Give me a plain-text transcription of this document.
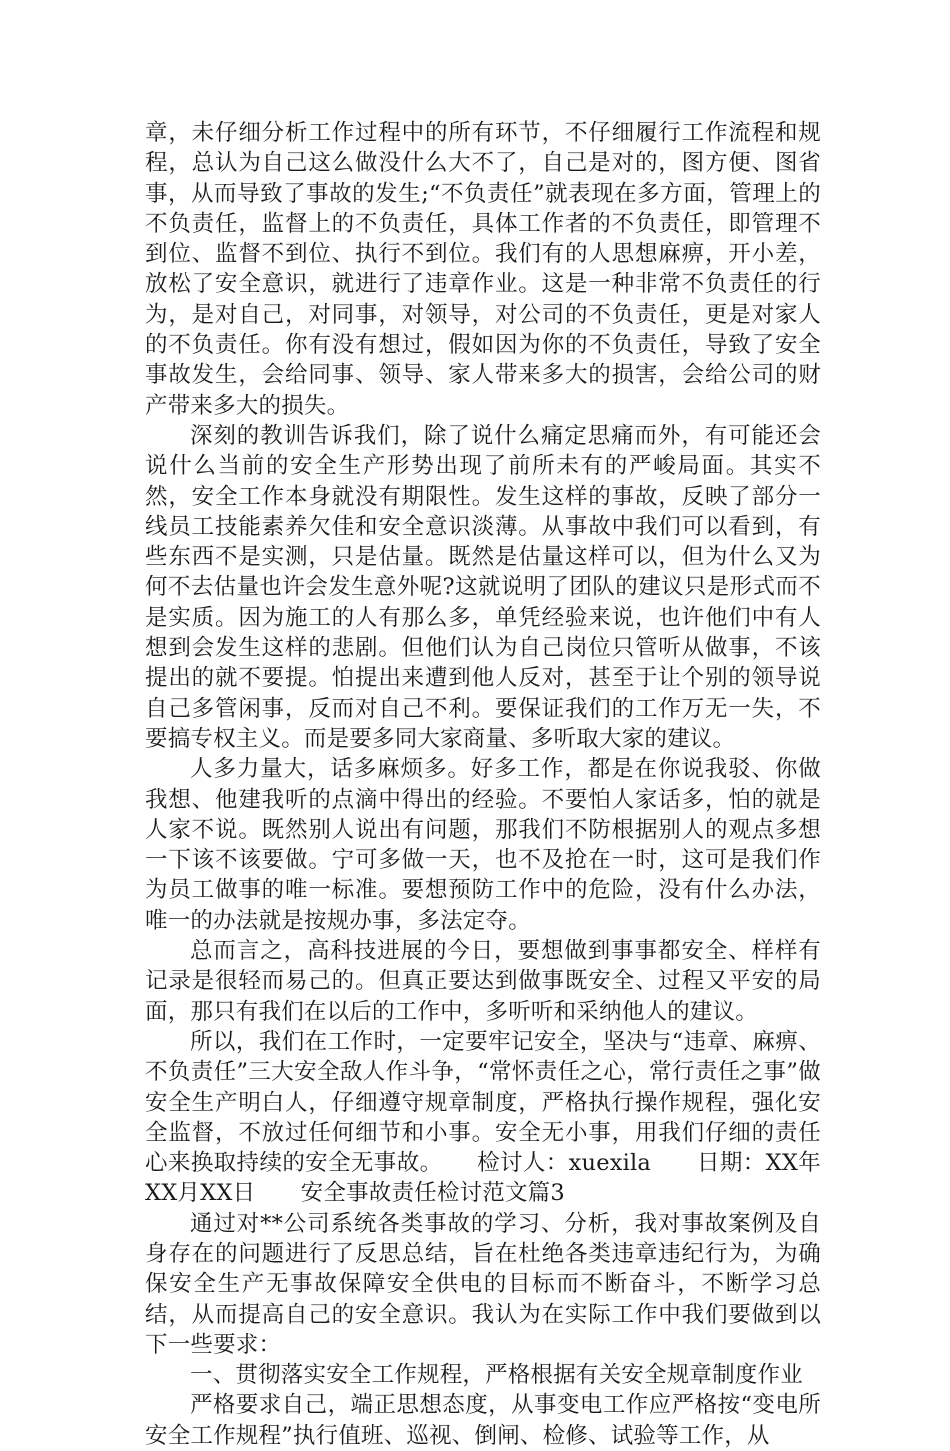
章，未仔细分析工作过程中的所有环节，不仔细履行工作流程和规程，总认为自己这么做没什么大不了，自己是对的，图方便、图省事，从而导致了事故的发生;“不负责任”就表现在多方面，管理上的不负责任，监督上的不负责任，具体工作者的不负责任，即管理不到位、监督不到位、执行不到位。我们有的人思想麻痹，开小差，放松了安全意识，就进行了违章作业。这是一种非常不负责任的行为，是对自己，对同事，对领导，对公司的不负责任，更是对家人的不负责任。你有没有想过，假如因为你的不负责任，导致了安全事故发生，会给同事、领导、家人带来多大的损害，会给公司的财产带来多大的损失。

深刻的教训告诉我们，除了说什么痛定思痛而外，有可能还会说什么当前的安全生产形势出现了前所未有的严峻局面。其实不然，安全工作本身就没有期限性。发生这样的事故，反映了部分一线员工技能素养欠佳和安全意识淡薄。从事故中我们可以看到，有些东西不是实测，只是估量。既然是估量这样可以，但为什么又为何不去估量也许会发生意外呢?这就说明了团队的建议只是形式而不是实质。因为施工的人有那么多，单凭经验来说，也许他们中有人想到会发生这样的悲剧。但他们认为自己岗位只管听从做事，不该提出的就不要提。怕提出来遭到他人反对，甚至于让个别的领导说自己多管闲事，反而对自己不利。要保证我们的工作万无一失，不要搞专权主义。而是要多同大家商量、多听取大家的建议。

人多力量大，话多麻烦多。好多工作，都是在你说我驳、你做我想、他建我听的点滴中得出的经验。不要怕人家话多，怕的就是人家不说。既然别人说出有问题，那我们不防根据别人的观点多想一下该不该要做。宁可多做一天，也不及抢在一时，这可是我们作为员工做事的唯一标准。要想预防工作中的危险，没有什么办法，唯一的办法就是按规办事，多法定夺。

总而言之，高科技进展的今日，要想做到事事都安全、样样有记录是很轻而易己的。但真正要达到做事既安全、过程又平安的局面，那只有我们在以后的工作中，多听听和采纳他人的建议。

所以，我们在工作时，一定要牢记安全，坚决与“违章、麻痹、不负责任”三大安全敌人作斗争，“常怀责任之心，常行责任之事”做安全生产明白人，仔细遵守规章制度，严格执行操作规程，强化安全监督，不放过任何细节和小事。安全无小事，用我们仔细的责任心来换取持续的安全无事故。　　检讨人：xuexila　　日期：XX年XX月XX日　　安全事故责任检讨范文篇3

通过对**公司系统各类事故的学习、分析，我对事故案例及自身存在的问题进行了反思总结，旨在杜绝各类违章违纪行为，为确保安全生产无事故保障安全供电的目标而不断奋斗，不断学习总结，从而提高自己的安全意识。我认为在实际工作中我们要做到以下一些要求：

一、贯彻落实安全工作规程，严格根据有关安全规章制度作业

严格要求自己，端正思想态度，从事变电工作应严格按“变电所安全工作规程”执行值班、巡视、倒闸、检修、试验等工作，从
